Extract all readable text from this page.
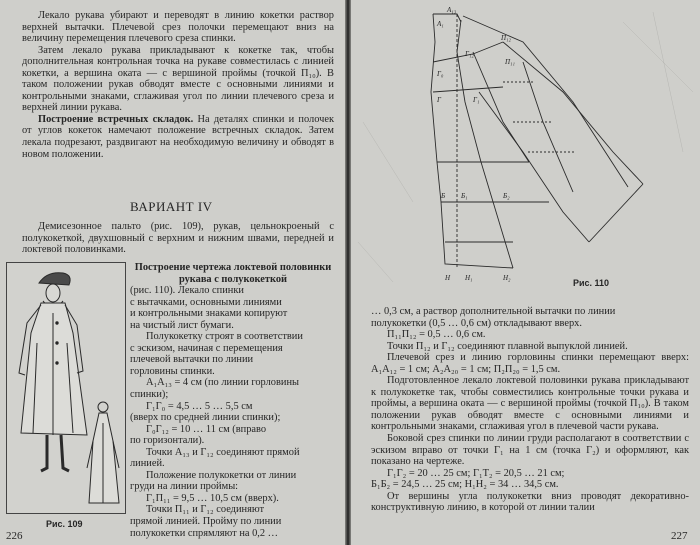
Лекало рукава убирают и переводят в линию кокетки раствор верхней вытачки. Плечевой срез полочки перемещают вниз на величину перемещения плечевого среза спинки.

Затем лекало рукава прикладывают к кокетке так, чтобы дополнительная контрольная точка на рукаве совместилась с линией кокетки, а вершина оката — с вершиной проймы (точкой П₁₀). В таком положении рукав обводят вместе с основными линиями и контрольными знаками, сглаживая угол по линии плечевого среза и верхней линии рукава.

Построение встречных складок. На деталях спинки и полочек от углов кокеток намечают положение встречных складок. Затем лекала подрезают, раздвигают на необходимую величину и обводят в новом положении.

ВАРИАНТ IV

Демисезонное пальто (рис. 109), рукав, цельнокроеный с полукокеткой, двухшовный с верхним и нижним швами, передней и локтевой половинками.

Рис. 109

Построение чертежа локтевой половинки рукава с полукокеткой

(рис. 110). Лекало спинки

с вытачками, основными линиями

и контрольными знаками копируют

на чистый лист бумаги.

Полукокетку строят в соответствии

с эскизом, начиная с перемещения

плечевой вытачки по линии

горловины спинки.

А₁А₁₃ = 4 см (по линии горловины

спинки);

Г₁Г₀ = 4,5 … 5 … 5,5 см

(вверх по средней линии спинки);

Г₀Г₁₂ = 10 … 11 см (вправо

по горизонтали).

Точки А₁₃ и Г₁₂ соединяют прямой

линией.

Положение полукокетки от линии

груди на линии проймы:

Г₁П₁₁ = 9,5 … 10,5 см (вверх).

Точки П₁₁ и Г₁₂ соединяют

прямой линией. Пройму по линии

полукокетки спрямляют на 0,2 …

226
А₁₃
А₁
Г₁₂
П₁₂
П₁₁
Г₀
Г	Г₁
Б Б₁	Б₂
Н Н₁	Н₂	Рис. 110

… 0,3 см, а раствор дополнительной вытачки по линии

полукокетки (0,5 … 0,6 см) откладывают вверх.

П₁₁П₁₂ = 0,5 … 0,6 см.

Точки П₁₂ и Г₁₂ соединяют плавной выпуклой линией.

Плечевой срез и линию горловины спинки перемещают вверх: А₁А₁₂ = 1 см; А₂А₂₀ = 1 см; П₂П₂₀ = 1,5 см.

Подготовленное лекало локтевой половинки рукава прикладывают к полукокетке так, чтобы совместились контрольные точки рукава и проймы, а вершина оката — с вершиной проймы (точкой П₁₀). В таком положении рукав обводят вместе с основными линиями и контрольными знаками, сглаживая угол в плечевой части рукава.

Боковой срез спинки по линии груди располагают в соответствии с эскизом вправо от точки Г₁ на 1 см (точка Г₂) и оформляют, как показано на чертеже.

Г₁Г₂ = 20 … 25 см; Г₁Т₂ = 20,5 … 21 см;

Б₁Б₂ = 24,5 … 25 см; Н₁Н₂ = 34 … 34,5 см.

От вершины угла полукокетки вниз проводят декоративно-конструктивную линию, в которой от линии талии

227
